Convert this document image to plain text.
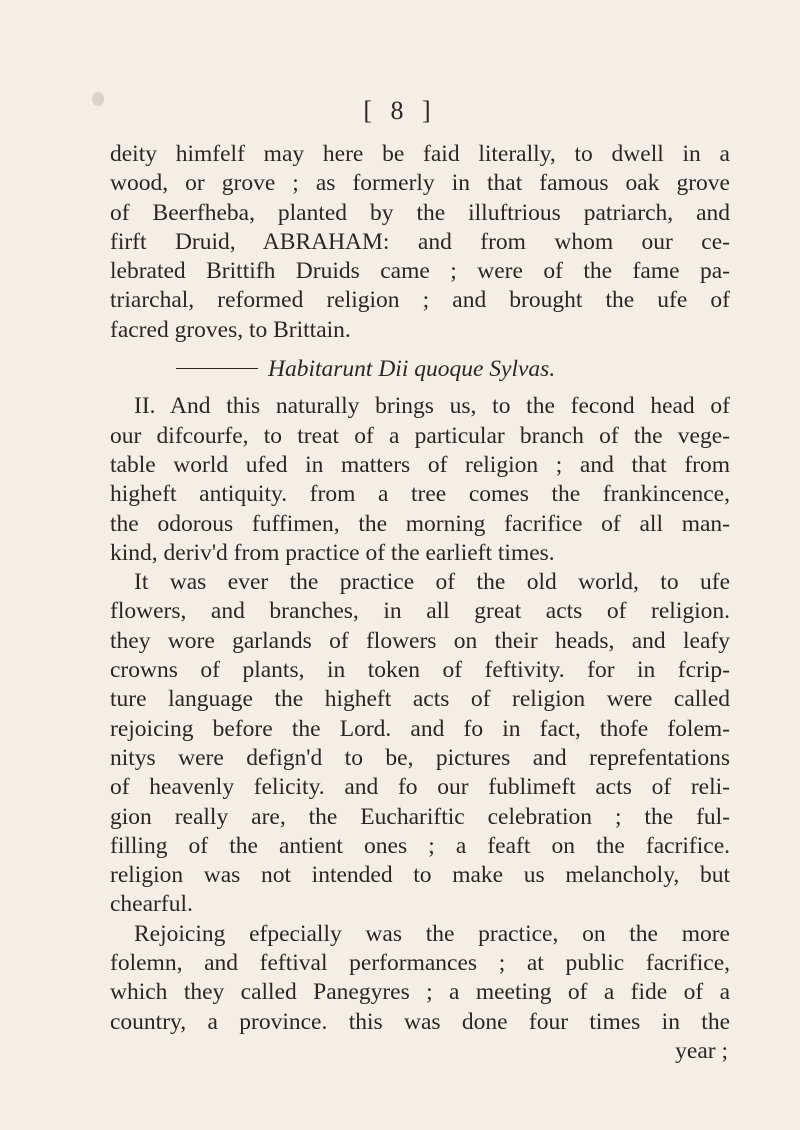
[ 8 ]
deity himfelf may here be faid literally, to dwell in a
wood, or grove ; as formerly in that famous oak grove
of Beerfheba, planted by the illuftrious patriarch, and
firft Druid, ABRAHAM: and from whom our ce-
lebrated Brittifh Druids came ; were of the fame pa-
triarchal, reformed religion ; and brought the ufe of
facred groves, to Brittain.
Habitarunt Dii quoque Sylvas.
II. And this naturally brings us, to the fecond head of
our difcourfe, to treat of a particular branch of the vege-
table world ufed in matters of religion ; and that from
higheft antiquity. from a tree comes the frankincence,
the odorous fuffimen, the morning facrifice of all man-
kind, deriv'd from practice of the earlieft times.
It was ever the practice of the old world, to ufe
flowers, and branches, in all great acts of religion.
they wore garlands of flowers on their heads, and leafy
crowns of plants, in token of feftivity. for in fcrip-
ture language the higheft acts of religion were called
rejoicing before the Lord. and fo in fact, thofe folem-
nitys were defign'd to be, pictures and reprefentations
of heavenly felicity. and fo our fublimeft acts of reli-
gion really are, the Euchariftic celebration ; the ful-
filling of the antient ones ; a feaft on the facrifice.
religion was not intended to make us melancholy, but
chearful.
Rejoicing efpecially was the practice, on the more
folemn, and feftival performances ; at public facrifice,
which they called Panegyres ; a meeting of a fide of a
country, a province. this was done four times in the
year ;
